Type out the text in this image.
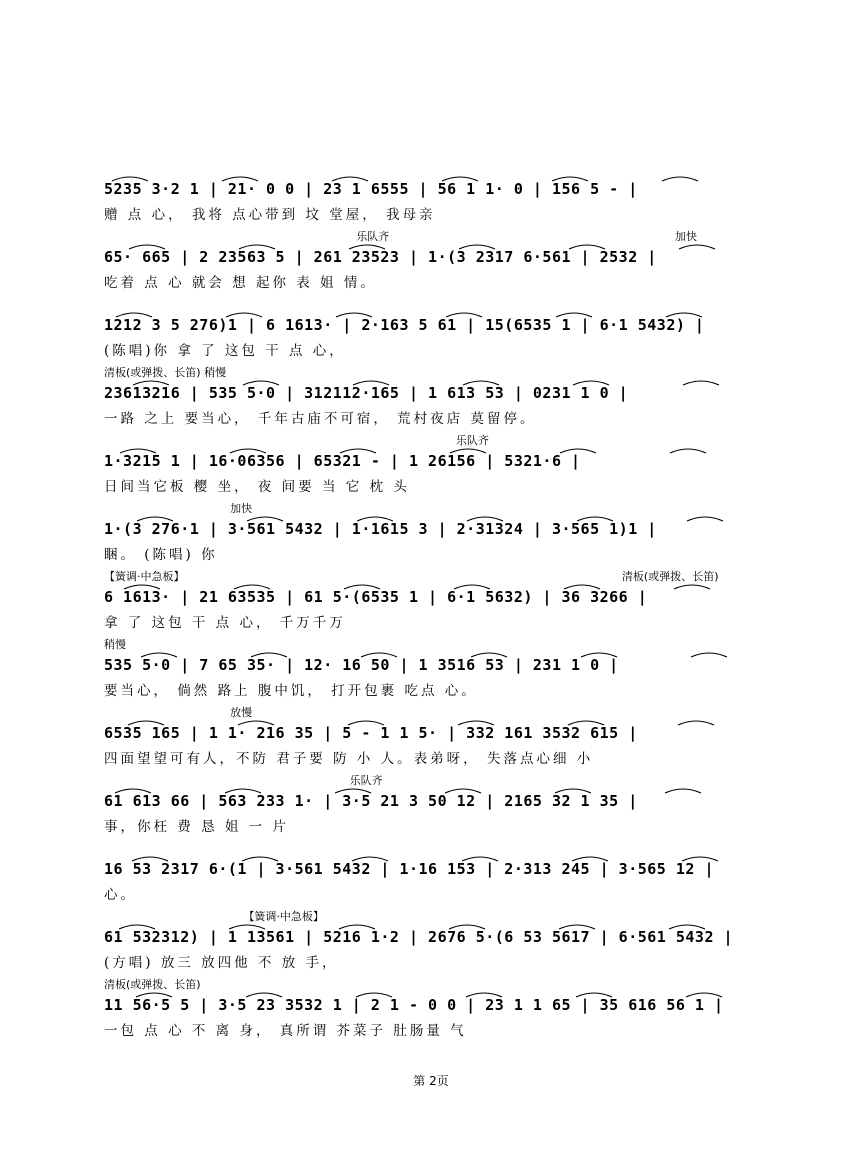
5235 3·2 1 | 21· 0 0 | 23 1 6555 | 56 1 1· 0 | 156 5 - |
赠 点 心， 我将 点心带到 坟 堂屋， 我母亲
乐队齐	加快
65· 665 | 2 23563 5 | 261 23523 | 1·(3 2317 6·561 | 2532 |
吃着 点 心 就会 想 起你 表 姐 情。
1212 3 5 276)1 | 6 1613· | 2·163 5 61 | 15(6535 1 | 6·1 5432) |
(陈唱)你 拿 了 这包 干 点 心，
清板(或弹拨、长笛) 稍慢
23613216 | 535 5·0 | 312112·165 | 1 613 53 | 0231 1 0 |
一路 之上 要当心， 千年古庙不可宿， 荒村夜店 莫留停。
乐队齐
1·3215 1 | 16·06356 | 65321 - | 1 26156 | 5321·6 |
日间当它板 樱 坐， 夜 间要 当 它 枕 头
加快
1·(3 276·1 | 3·561 5432 | 1·1615 3 | 2·31324 | 3·565 1)1 |
睏。 (陈唱) 你
【簧调·中急板】	清板(或弹拨、长笛)
6 1613· | 21 63535 | 61 5·(6535 1 | 6·1 5632) | 36 3266 |
拿 了 这包 干 点 心， 千万千万
稍慢
535 5·0 | 7 65 35· | 12· 16 50 | 1 3516 53 | 231 1 0 |
要当心， 倘然 路上 腹中饥， 打开包裹 吃点 心。
放慢
6535 165 | 1 1· 216 35 | 5 - 1 1 5· | 332 161 3532 615 |
四面望望可有人，不防 君子要 防 小 人。表弟呀， 失落点心细 小
乐队齐
61 613 66 | 563 233 1· | 3·5 21 3 50 12 | 2165 32 1 35 |
事，你枉 费 恳 姐 一 片
16 53 2317 6·(1 | 3·561 5432 | 1·16 153 | 2·313 245 | 3·565 12 |
心。
【簧调·中急板】
61 532312) | 1 13561 | 5216 1·2 | 2676 5·(6 53 5617 | 6·561 5432 |
(方唱) 放三 放四他 不 放 手，
清板(或弹拨、长笛)
11 56·5 5 | 3·5 23 3532 1 | 2 1 - 0 0 | 23 1 1 65 | 35 616 56 1 |
一包 点 心 不 离 身， 真所谓 芥菜子 肚肠量 气
第 2页
